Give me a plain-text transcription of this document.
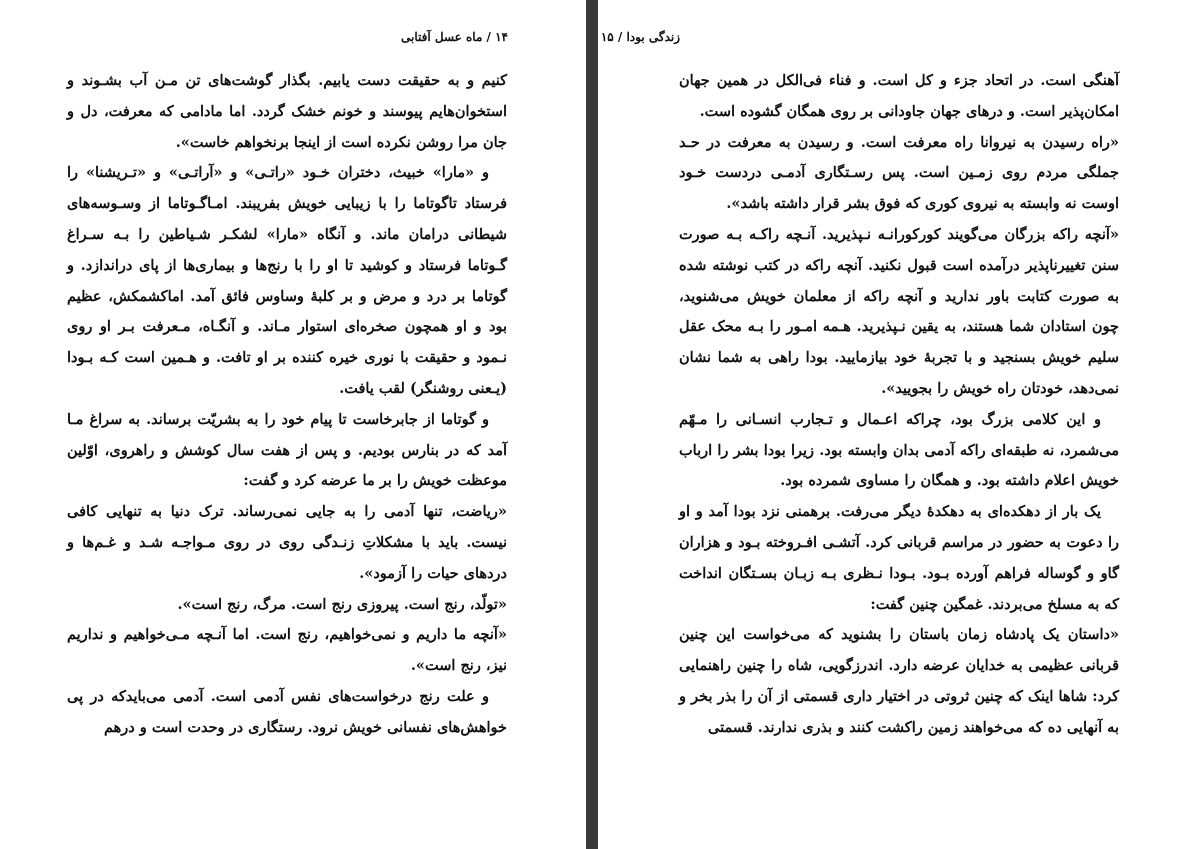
۱۴ / ماه عسل آفتابی

کنیم و به حقیقت دست یابیم. بگذار گوشت‌های تن مـن آب بشـوند و استخوان‌هایم پیوسند و خونم خشک گردد. اما مادامی که معرفت، دل و جان مرا روشن نکرده است از اینجا برنخواهم خاست».

و «مارا» خبیث، دختران خـود «راتـی» و «آراتـی» و «تـریشنا» را فرستاد تاگوتاما را با زیبایی خویش بفریبند. امـاگـوتاما از وسـوسه‌های شیطانی درامان ماند. و آنگاه «مارا» لشکـر شـیاطین را بـه سـراغ گـوتاما فرستاد و کوشید تا او را با رنج‌ها و بیماری‌ها از پای دراندازد. و گوتاما بر درد و مرض و بر کلبهٔ وساوس فائق آمد. اماکشمکش، عظیم بود و او همچون صخره‌ای استوار مـاند. و آنگـاه، مـعرفت بـر او روی نـمود و حقیقت با نوری خیره کننده بر او تافت. و هـمین است کـه بـودا (یـعنی روشنگر) لقب یافت.

و گوتاما از جابرخاست تا پیام خود را به بشریّت برساند. به سراغ مـا آمد که در بنارس بودیم. و پس از هفت سال کوشش و راهروی، اوّلین موعظت خویش را بر ما عرضه کرد و گفت:

«ریاضت، تنها آدمی را به جایی نمی‌رساند. ترک دنیا به تنهایی کافی نیست. باید با مشکلاتِ زنـدگی روی در روی مـواجـه شـد و غـم‌ها و دردهای حیات را آزمود».

«تولّد، رنج است. پیروزی رنج است. مرگ، رنج است».

«آنچه ما داریم و نمی‌خواهیم، رنج است. اما آنـچه مـی‌خواهیم و نداریم نیز، رنج است».

و علت رنج درخواست‌های نفس آدمی است. آدمی می‌بایدکه در پی خواهش‌های نفسانی خویش نرود. رستگاری در وحدت است و درهم

زندگی بودا / ۱۵

آهنگی است. در اتحاد جزء و کل است. و فناء فی‌الکل در همین جهان امکان‌پذیر است. و درهای جهان جاودانی بر روی همگان گشوده است.

«راه رسیدن به نیروانا راه معرفت است. و رسیدن به معرفت در حـد جملگی مردم روی زمـین است. پس رسـتگاری آدمـی دردست خـود اوست نه وابسته به نیروی کوری که فوق بشر قرار داشته باشد».

«آنچه راکه بزرگان می‌گویند کورکورانـه نـپذیرید. آنـچه راکـه بـه صورت سنن تغییرناپذیر درآمده است قبول نکنید. آنچه راکه در کتب نوشته شده به صورت کتابت باور ندارید و آنچه راکه از معلمان خویش می‌شنوید، چون استادان شما هستند، به یقین نـپذیرید. هـمه امـور را بـه محک عقل سلیم خویش بسنجید و با تجربهٔ خود بیازمایید. بودا راهی به شما نشان نمی‌دهد، خودتان راه خویش را بجویید».

و این کلامی بزرگ بود، چراکه اعـمال و تـجارب انسـانی را مـهّم می‌شمرد، نه طبقه‌ای راکه آدمی بدان وابسته بود. زیرا بودا بشر را ارباب خویش اعلام داشته بود. و همگان را مساوی شمرده بود.

یک بار از دهکده‌ای به دهکدهٔ دیگر می‌رفت. برهمنی نزد بودا آمد و او را دعوت به حضور در مراسم قربانی کرد. آتشـی افـروخته بـود و هزاران گاو و گوساله فراهم آورده بـود. بـودا نـظری بـه زبـان بسـتگان انداخت که به مسلخ می‌بردند. غمگین چنین گفت:

«داستان یک پادشاه زمان باستان را بشنوید که می‌خواست این چنین قربانی عظیمی به خدایان عرضه دارد. اندرزگویی، شاه را چنین راهنمایی کرد: شاها اینک که چنین ثروتی در اختیار داری قسمتی از آن را بذر بخر و به آنهایی ده که می‌خواهند زمین راکشت کنند و بذری ندارند. قسمتی
